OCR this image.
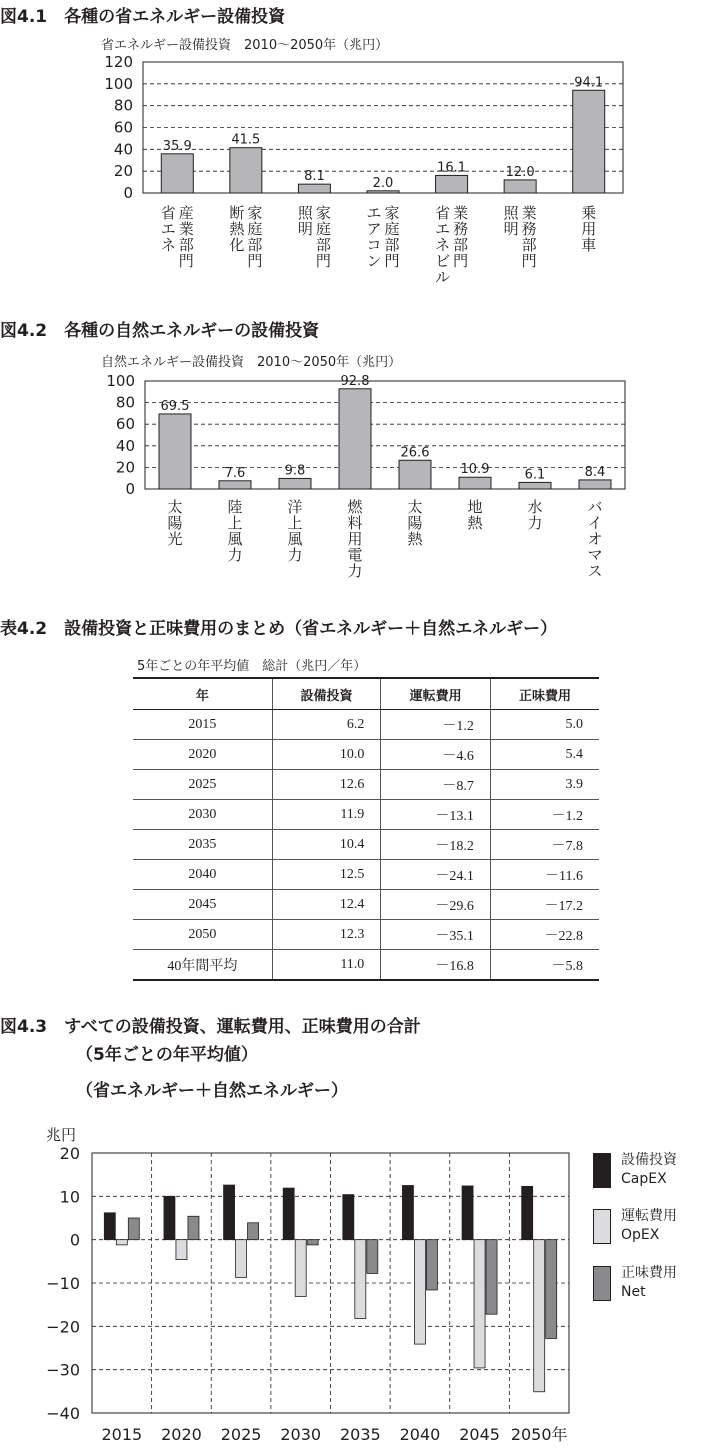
図4.1　各種の省エネルギー設備投資
省エネルギー設備投資　2010～2050年（兆円）
0
20
40
60
80
100
120
35.9
産
業
部
門
省
エ
ネ
41.5
家
庭
部
門
断
熱
化
8.1
家
庭
部
門
照
明
2.0
家
庭
部
門
エ
ア
コ
ン
16.1
業
務
部
門
省
エ
ネ
ビ
ル
12.0
業
務
部
門
照
明
94.1
乗
用
車
図4.2　各種の自然エネルギーの設備投資
自然エネルギー設備投資　2010～2050年（兆円）
0
20
40
60
80
100
69.5
太
陽
光
7.6
陸
上
風
力
9.8
洋
上
風
力
92.8
燃
料
用
電
力
26.6
太
陽
熱
10.9
地
熱
6.1
水
力
8.4
バ
イ
オ
マ
ス
表4.2　設備投資と正味費用のまとめ（省エネルギー＋自然エネルギー）
5年ごとの年平均値　総計（兆円／年）
年	設備投資	運転費用	正味費用
2015	6.2	－1.2	5.0
2020	10.0	－4.6	5.4
2025	12.6	－8.7	3.9
2030	11.9	－13.1	－1.2
2035	10.4	－18.2	－7.8
2040	12.5	－24.1	－11.6
2045	12.4	－29.6	－17.2
2050	12.3	－35.1	－22.8
40年間平均	11.0	－16.8	－5.8
図4.3　すべての設備投資、運転費用、正味費用の合計
（5年ごとの年平均値）
（省エネルギー＋自然エネルギー）
−40
−30
−20
−10
0
10
20
兆円
2015 2020 2025 2030 2035 2040 2045 2050年
設備投資
CapEX
運転費用
OpEX
正味費用
Net
